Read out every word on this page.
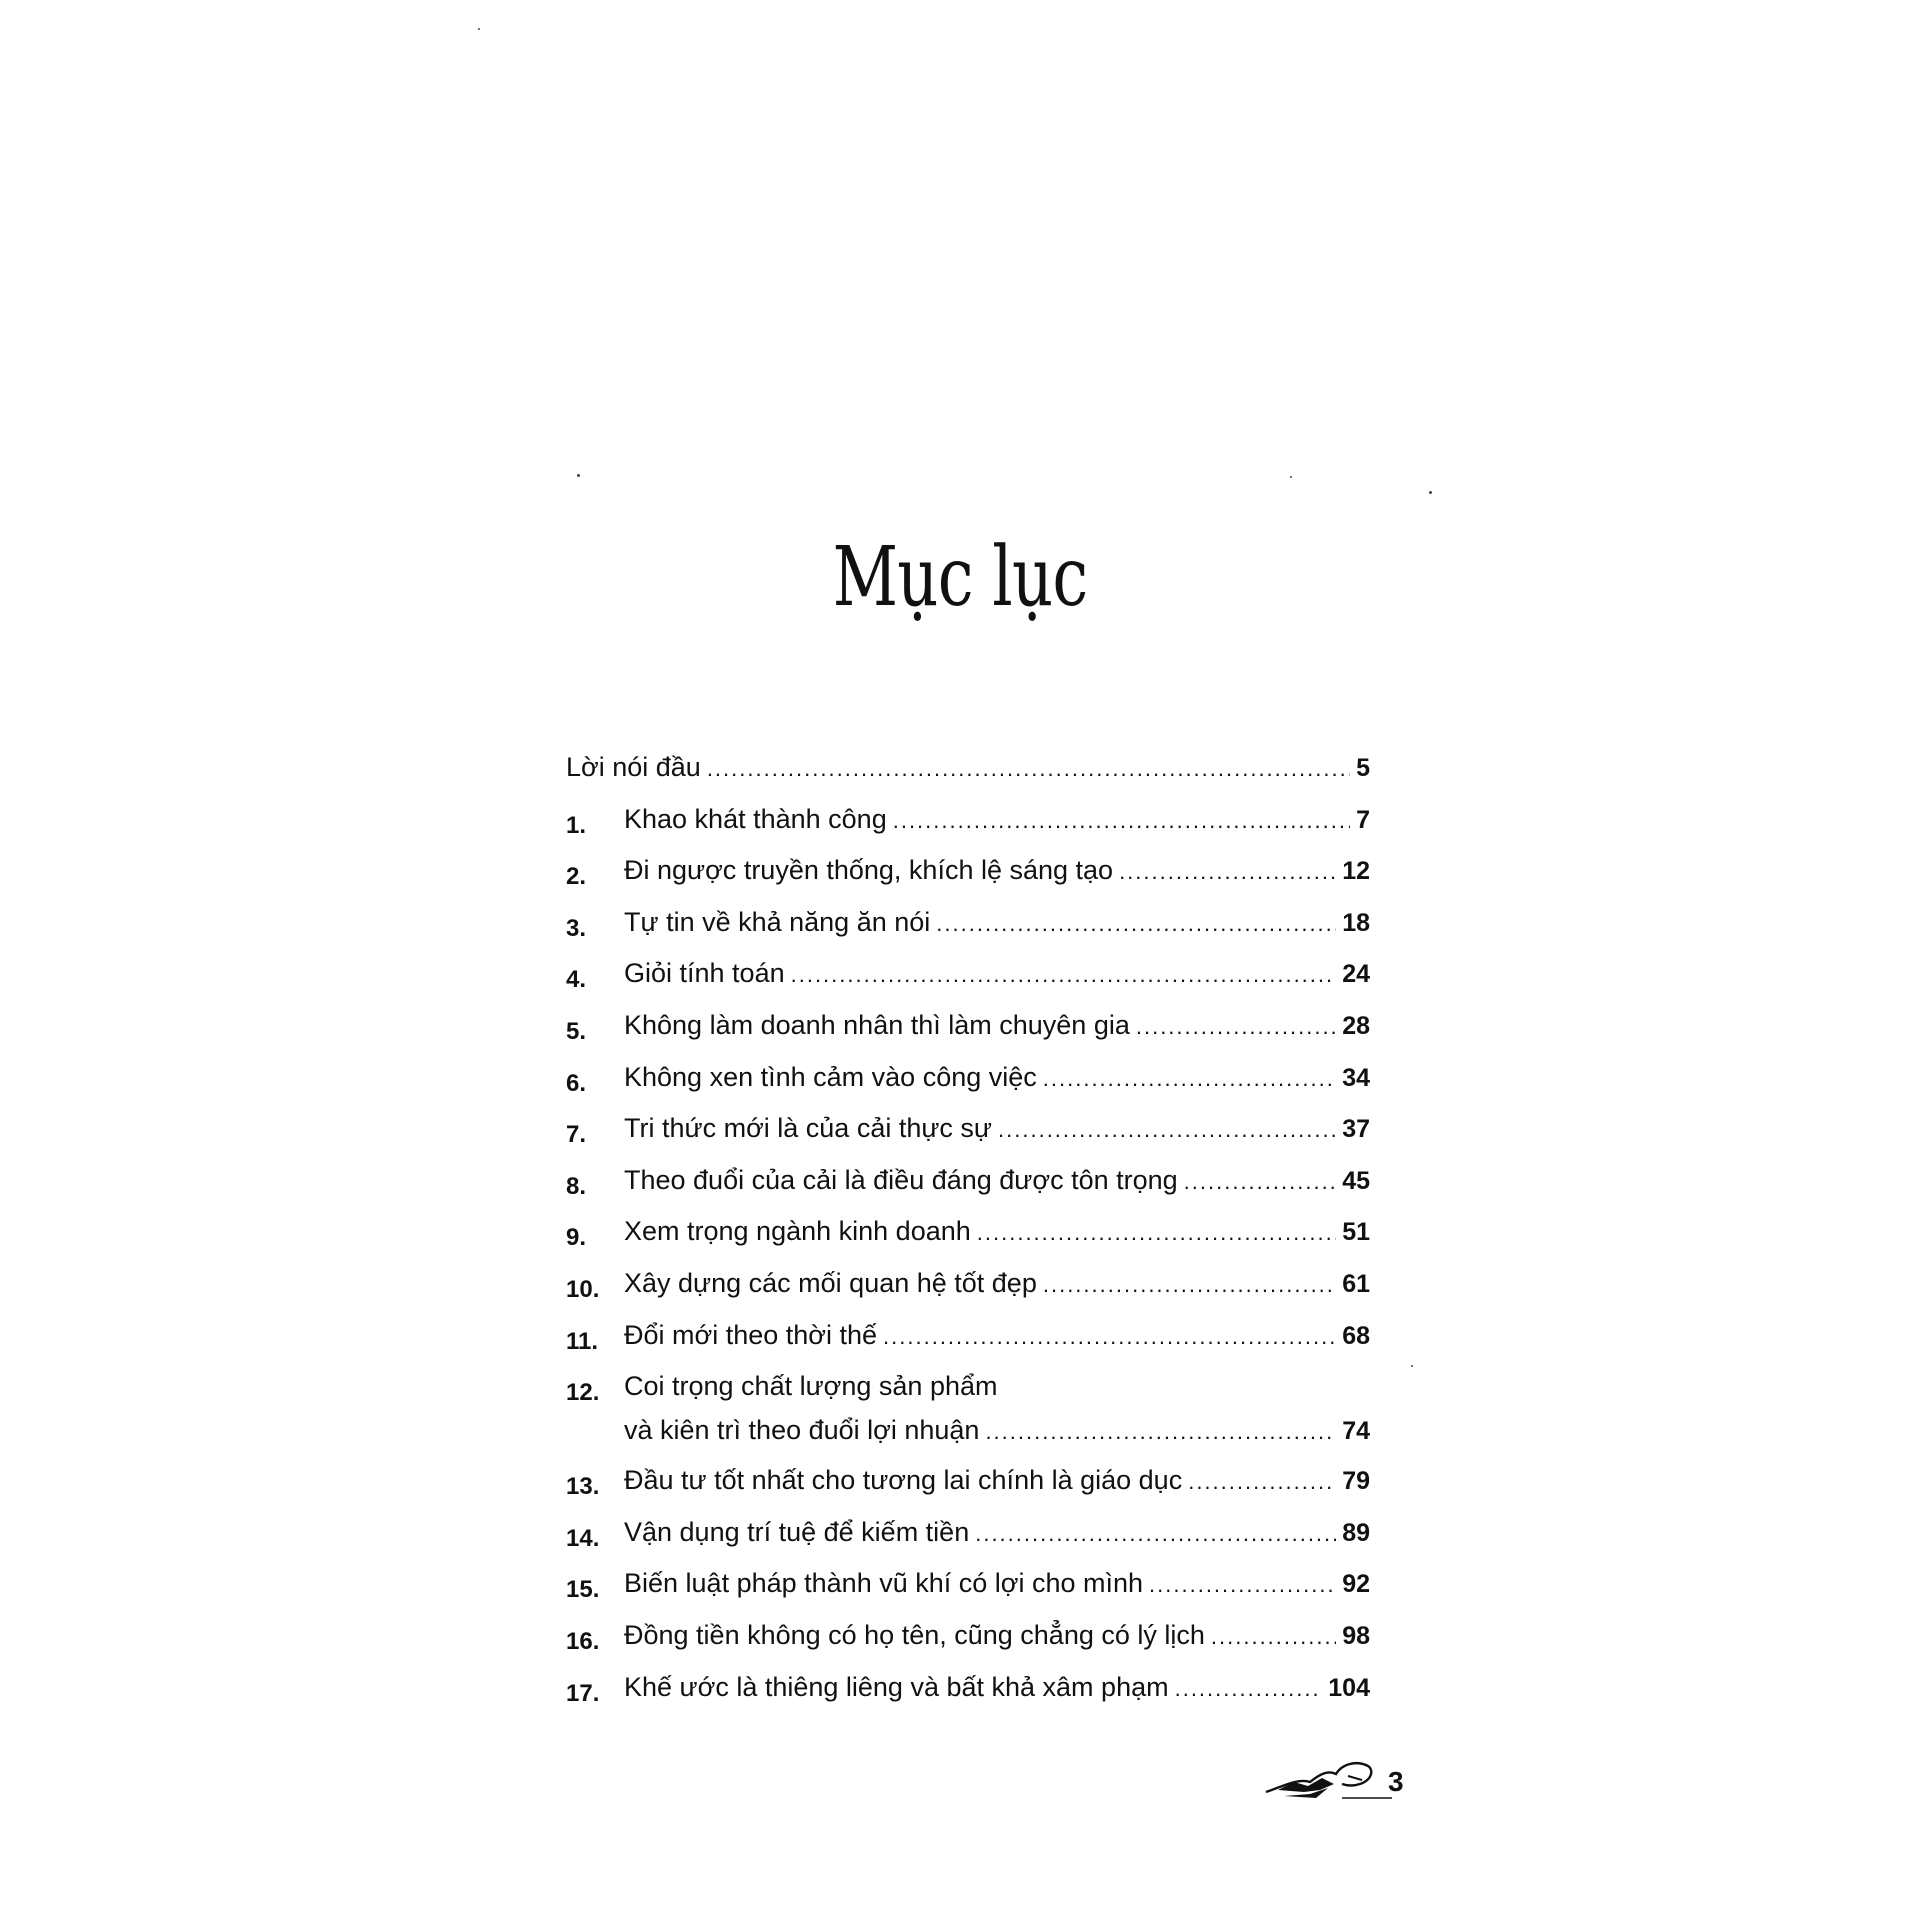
Mục lục
Lời nói đầu .....	5
1. Khao khát thành công .....	7
2. Đi ngược truyền thống, khích lệ sáng tạo .....	12
3. Tự tin về khả năng ăn nói .....	18
4. Giỏi tính toán .....	24
5. Không làm doanh nhân thì làm chuyên gia .....	28
6. Không xen tình cảm vào công việc .....	34
7. Tri thức mới là của cải thực sự .....	37
8. Theo đuổi của cải là điều đáng được tôn trọng .....	45
9. Xem trọng ngành kinh doanh .....	51
10. Xây dựng các mối quan hệ tốt đẹp .....	61
11. Đổi mới theo thời thế .....	68
12. Coi trọng chất lượng sản phẩm
và kiên trì theo đuổi lợi nhuận .....	74
13. Đầu tư tốt nhất cho tương lai chính là giáo dục .....	79
14. Vận dụng trí tuệ để kiếm tiền .....	89
15. Biến luật pháp thành vũ khí có lợi cho mình .....	92
16. Đồng tiền không có họ tên, cũng chẳng có lý lịch .....	98
17. Khế ước là thiêng liêng và bất khả xâm phạm .....	104
3
